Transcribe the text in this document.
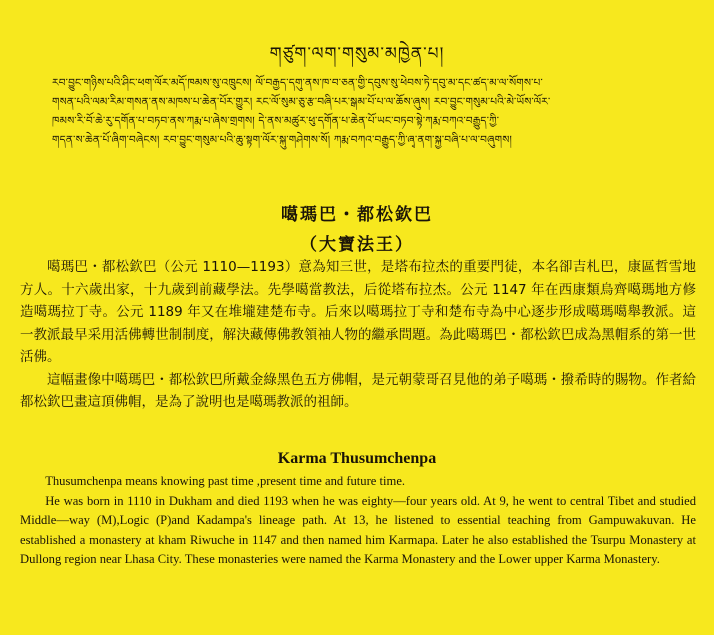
གཙུག་ལག་གསུམ་མཁྱེན་པ།

རབ་བྱུང་གཉིས་པའི་ཤིང་ཕག་ལོར་མདོ་ཁམས་སུ་འཁྲུངས། ལོ་བརྒྱད་དགུ་ནས་ཁ་བ་ཅན་གྱི་དབུས་སུ་ཕེབས་ཏེ་དབུ་མ་དང་ཚད་མ་ལ་སོགས་པ་

གསན་པའི་ལམ་རིམ་གསན་ནས་མཁས་པ་ཆེན་པོར་གྱུར། རང་ལོ་སུམ་ཅུ་རྩ་བཞི་པར་སྒམ་པོ་པ་ལ་ཆོས་ཞུས། རབ་བྱུང་གསུམ་པའི་མེ་ཡོས་ལོར་

ཁམས་རི་བོ་ཆེ་རུ་དགོན་པ་བཏབ་ནས་ཀརྨ་པ་ཞེས་གྲགས། དེ་ནས་མཚུར་ཕུ་དགོན་པ་ཆེན་པོ་ཡང་བཏབ་སྟེ་ཀརྨ་བཀའ་བརྒྱུད་ཀྱི་

གདན་ས་ཆེན་པོ་ཞིག་བཞེངས། རབ་བྱུང་གསུམ་པའི་ཆུ་སྟག་ལོར་སྐུ་གཤེགས་སོ། ཀརྨ་བཀའ་བརྒྱུད་ཀྱི་ཞྭ་ནག་སྐྱ་བཞི་པ་ལ་བཞུགས།

噶瑪巴・都松欽巴
（大寶法王）

噶瑪巴・都松欽巴（公元 1110—1193）意為知三世，是塔布拉杰的重要門徒，本名卻吉札巴，康區哲雪地方人。十六歲出家，十九歲到前藏學法。先學噶當教法，后從塔布拉杰。公元 1147 年在西康類烏齊噶瑪地方修造噶瑪拉丁寺。公元 1189 年又在堆壠建楚布寺。后來以噶瑪拉丁寺和楚布寺為中心逐步形成噶瑪噶舉教派。這一教派最早采用活佛轉世制制度，解決藏傳佛教領袖人物的繼承問題。為此噶瑪巴・都松欽巴成為黑帽系的第一世活佛。

這幅畫像中噶瑪巴・都松欽巴所戴金綠黑色五方佛帽，是元朝蒙哥召見他的弟子噶瑪・撥希時的賜物。作者給都松欽巴畫這頂佛帽，是為了說明也是噶瑪教派的祖師。

Karma Thusumchenpa

Thusumchenpa means knowing past time ,present time and future time.

He was born in 1110 in Dukham and died 1193 when he was eighty—four years old. At 9, he went to central Tibet and studied Middle—way (M),Logic (P)and Kadampa's lineage path. At 13, he listened to essential teaching from Gampuwakuvan. He established a monastery at kham Riwuche in 1147 and then named him Karmapa. Later he also established the Tsurpu Monastery at Dullong region near Lhasa City. These monasteries were named the Karma Monastery and the Lower upper Karma Monastery.
